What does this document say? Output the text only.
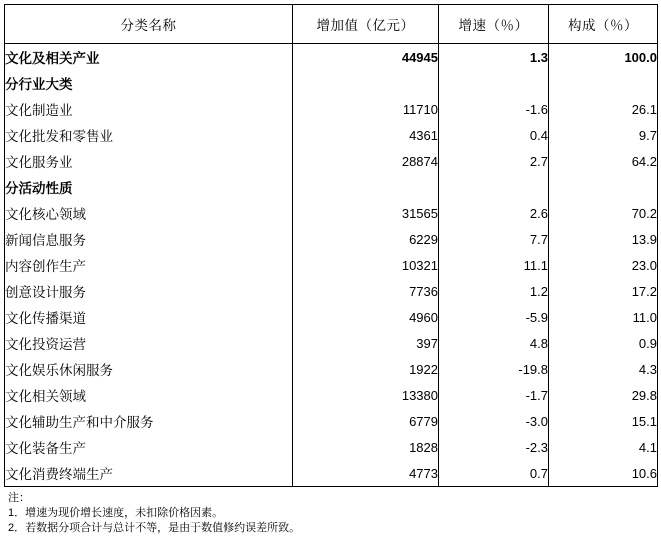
分类名称	增加值（亿元）	增速（％）	构成（％）
文化及相关产业	44945	1.3	100.0
分行业大类			
文化制造业	11710	-1.6	26.1
文化批发和零售业	4361	0.4	9.7
文化服务业	28874	2.7	64.2
分活动性质			
文化核心领域	31565	2.6	70.2
新闻信息服务	6229	7.7	13.9
内容创作生产	10321	11.1	23.0
创意设计服务	7736	1.2	17.2
文化传播渠道	4960	-5.9	11.0
文化投资运营	397	4.8	0.9
文化娱乐休闲服务	1922	-19.8	4.3
文化相关领域	13380	-1.7	29.8
文化辅助生产和中介服务	6779	-3.0	15.1
文化装备生产	1828	-2.3	4.1
文化消费终端生产	4773	0.7	10.6
注：
1．增速为现价增长速度，未扣除价格因素。
2．若数据分项合计与总计不等，是由于数值修约误差所致。
